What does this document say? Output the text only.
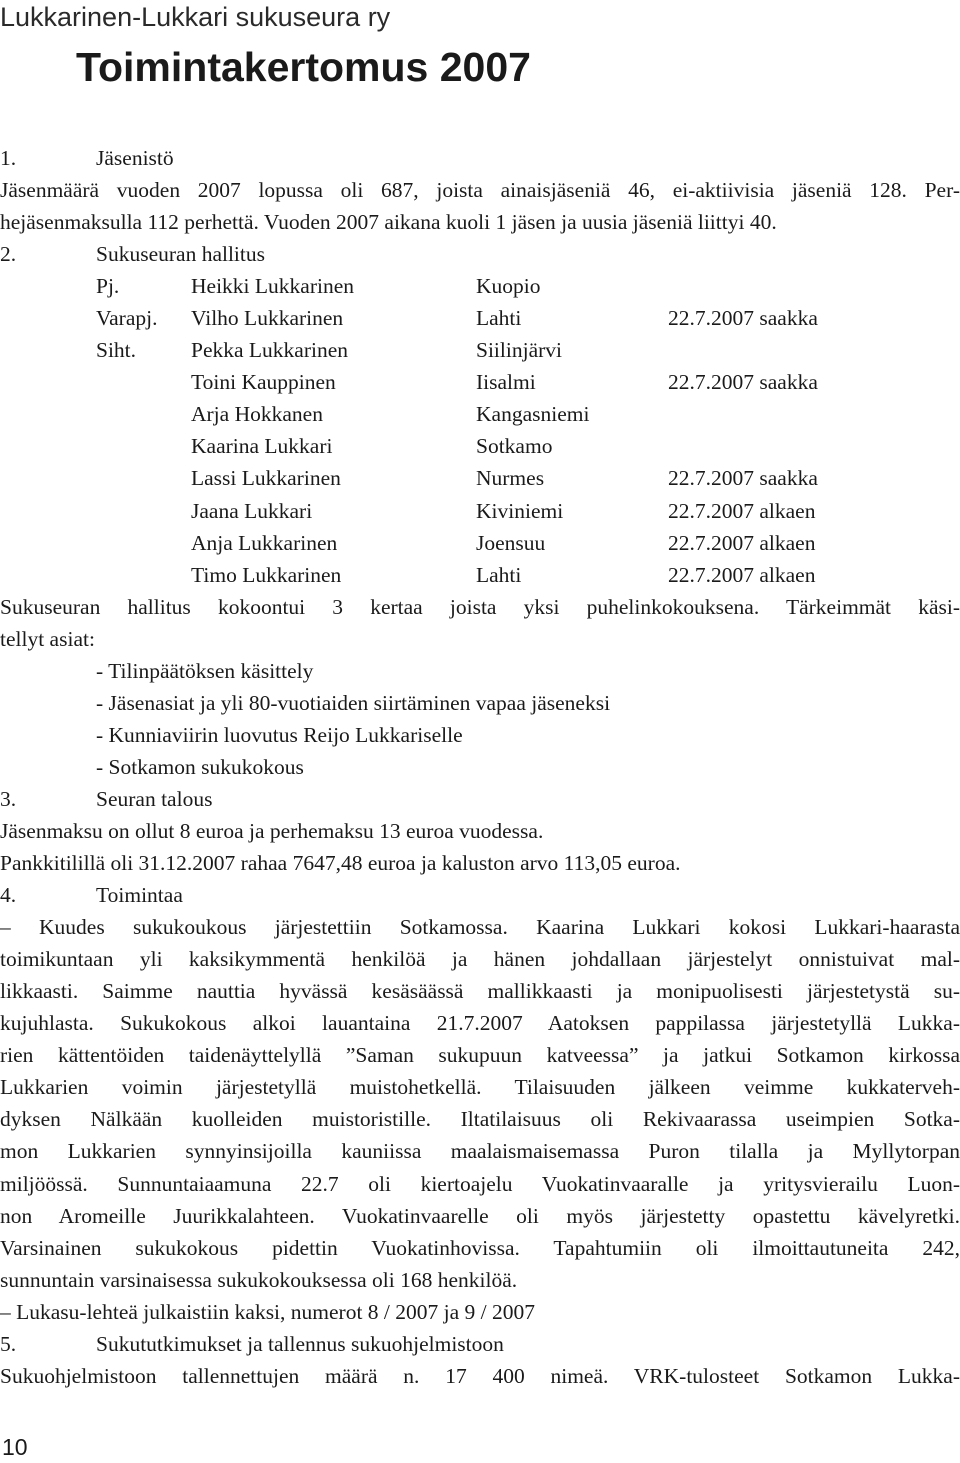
Lukkarinen-Lukkari sukuseura ry
Toimintakertomus 2007
1.	Jäsenistö
Jäsenmäärä vuoden 2007 lopussa oli 687, joista ainaisjäseniä 46, ei-aktiivisia jäseniä 128. Per-
hejäsenmaksulla 112 perhettä. Vuoden 2007 aikana kuoli 1 jäsen ja uusia jäseniä liittyi 40.
2.	Sukuseuran hallitus
Pj.	Heikki Lukkarinen	Kuopio
Varapj. Vilho Lukkarinen	Lahti	22.7.2007 saakka
Siht.	Pekka Lukkarinen	Siilinjärvi
Toini Kauppinen	Iisalmi	22.7.2007 saakka
Arja Hokkanen	Kangasniemi
Kaarina Lukkari	Sotkamo
Lassi Lukkarinen	Nurmes	22.7.2007 saakka
Jaana Lukkari	Kiviniemi	22.7.2007 alkaen
Anja Lukkarinen	Joensuu	22.7.2007 alkaen
Timo Lukkarinen	Lahti	22.7.2007 alkaen
Sukuseuran hallitus kokoontui 3 kertaa joista yksi puhelinkokouksena. Tärkeimmät käsi-
tellyt asiat:
- Tilinpäätöksen käsittely
- Jäsenasiat ja yli 80-vuotiaiden siirtäminen vapaa jäseneksi
- Kunniaviirin luovutus Reijo Lukkariselle
- Sotkamon sukukokous
3.	Seuran talous
Jäsenmaksu on ollut 8 euroa ja perhemaksu 13 euroa vuodessa.
Pankkitilillä oli 31.12.2007 rahaa 7647,48 euroa ja kaluston arvo 113,05 euroa.
4.	Toimintaa
– Kuudes sukukoukous järjestettiin Sotkamossa. Kaarina Lukkari kokosi Lukkari-haarasta
toimikuntaan yli kaksikymmentä henkilöä ja hänen johdallaan järjestelyt onnistuivat mal-
likkaasti. Saimme nauttia hyvässä kesäsäässä mallikkaasti ja monipuolisesti järjestetystä su-
kujuhlasta. Sukukokous alkoi lauantaina 21.7.2007 Aatoksen pappilassa järjestetyllä Lukka-
rien kättentöiden taidenäyttelyllä ”Saman sukupuun katveessa” ja jatkui Sotkamon kirkossa
Lukkarien voimin järjestetyllä muistohetkellä. Tilaisuuden jälkeen veimme kukkaterveh-
dyksen Nälkään kuolleiden muistoristille. Iltatilaisuus oli Rekivaarassa useimpien Sotka-
mon Lukkarien synnyinsijoilla kauniissa maalaismaisemassa Puron tilalla ja Myllytorpan
miljöössä. Sunnuntaiaamuna 22.7 oli kiertoajelu Vuokatinvaaralle ja yritysvierailu Luon-
non Aromeille Juurikkalahteen. Vuokatinvaarelle oli myös järjestetty opastettu kävelyretki.
Varsinainen sukukokous pidettin Vuokatinhovissa. Tapahtumiin oli ilmoittautuneita 242,
sunnuntain varsinaisessa sukukokouksessa oli 168 henkilöä.
– Lukasu-lehteä julkaistiin kaksi, numerot 8 / 2007 ja 9 / 2007
5.	Sukututkimukset ja tallennus sukuohjelmistoon
Sukuohjelmistoon tallennettujen määrä n. 17 400 nimeä. VRK-tulosteet Sotkamon Lukka-
10
